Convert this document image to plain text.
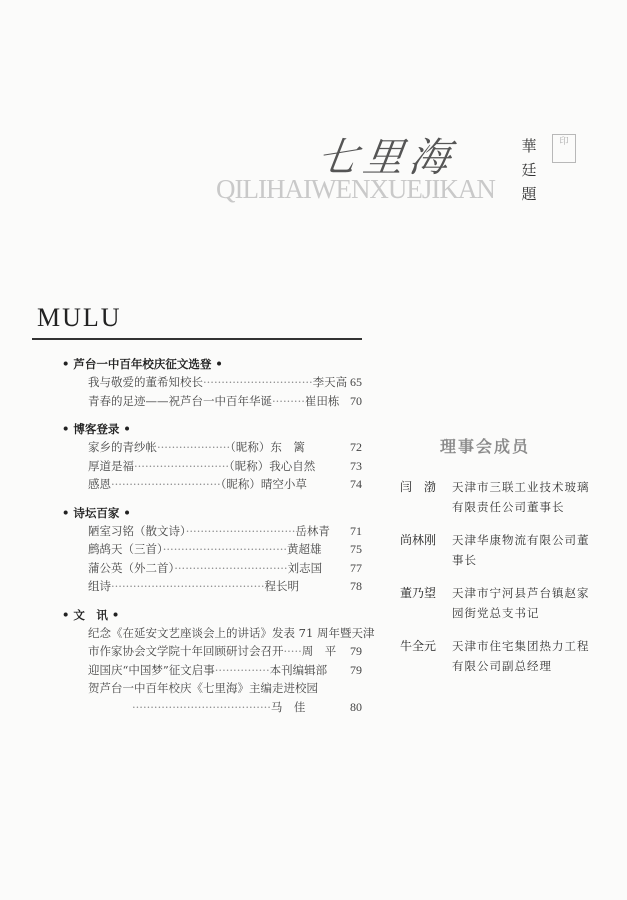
七里海
QILIHAIWENXUEJIKAN
華廷題
印
MULU
• 芦台一中百年校庆征文选登 •
我与敬爱的董希知校长······························李天高 65
青春的足迹——祝芦台一中百年华诞·········崔田栋 70
• 博客登录 •
家乡的青纱帐····················（昵称）东　篱	72
厚道是福··························（昵称）我心自然	73
感恩······························（昵称）晴空小草	74
• 诗坛百家 •
陋室习铭（散文诗）······························岳林青 71
鹧鸪天（三首）··································黄超雄 75
蒲公英（外二首）·······························刘志国 77
组诗··········································程长明	78
• 文　讯 •
纪念《在延安文艺座谈会上的讲话》发表 71 周年暨天津
市作家协会文学院十年回顾研讨会召开·····周　平 79
迎国庆“中国梦”征文启事···············本刊编辑部 79
贺芦台一中百年校庆《七里海》主编走进校园
······································马　佳	80
理事会成员
闫　渤	天津市三联工业技术玻璃有限责任公司董事长
尚林刚	天津华康物流有限公司董事长
董乃望	天津市宁河县芦台镇赵家园街党总支书记
牛全元	天津市住宅集团热力工程有限公司副总经理
